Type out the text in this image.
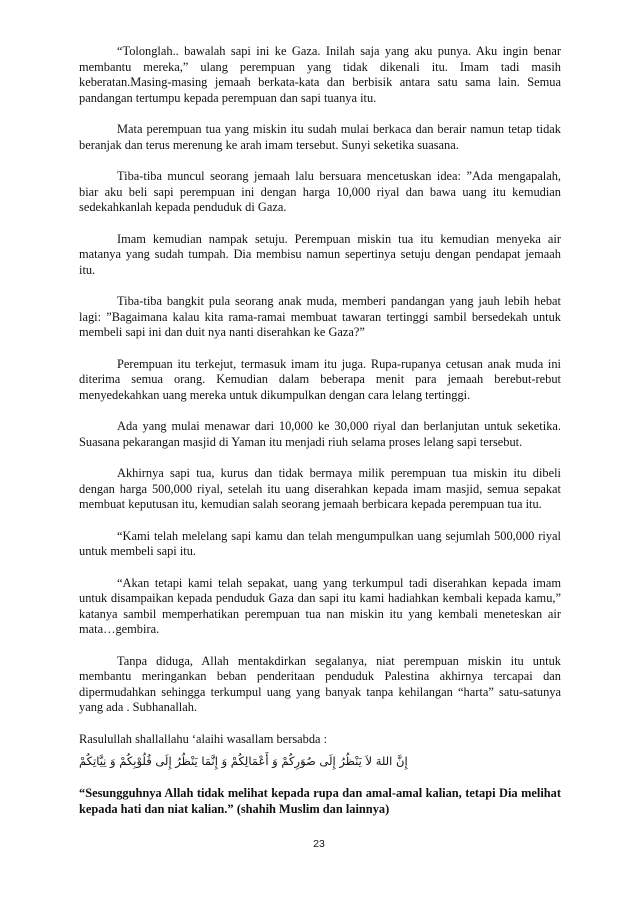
“Tolonglah.. bawalah sapi ini ke Gaza. Inilah saja yang aku punya. Aku ingin benar membantu mereka,” ulang perempuan yang tidak dikenali itu. Imam tadi masih keberatan.Masing-masing jemaah berkata-kata dan berbisik antara satu sama lain. Semua pandangan tertumpu kepada perempuan dan sapi tuanya itu.

Mata perempuan tua yang miskin itu sudah mulai berkaca dan berair namun tetap tidak beranjak dan terus merenung ke arah imam tersebut. Sunyi seketika suasana.

Tiba-tiba muncul seorang jemaah lalu bersuara mencetuskan idea: ”Ada mengapalah, biar aku beli sapi perempuan ini dengan harga 10,000 riyal dan bawa uang itu kemudian sedekahkanlah kepada penduduk di Gaza.

Imam kemudian nampak setuju. Perempuan miskin tua itu kemudian menyeka air matanya yang sudah tumpah. Dia membisu namun sepertinya setuju dengan pendapat jemaah itu.

Tiba-tiba bangkit pula seorang anak muda, memberi pandangan yang jauh lebih hebat lagi: ”Bagaimana kalau kita rama-ramai membuat tawaran tertinggi sambil bersedekah untuk membeli sapi ini dan duit nya nanti diserahkan ke Gaza?”

Perempuan itu terkejut, termasuk imam itu juga. Rupa-rupanya cetusan anak muda ini diterima semua orang. Kemudian dalam beberapa menit para jemaah berebut-rebut menyedekahkan uang mereka untuk dikumpulkan dengan cara lelang tertinggi.

Ada yang mulai menawar dari 10,000 ke 30,000 riyal dan berlanjutan untuk seketika. Suasana pekarangan masjid di Yaman itu menjadi riuh selama proses lelang sapi tersebut.

Akhirnya sapi tua, kurus dan tidak bermaya milik perempuan tua miskin itu dibeli dengan harga 500,000 riyal, setelah itu uang diserahkan kepada imam masjid, semua sepakat membuat keputusan itu, kemudian salah seorang jemaah berbicara kepada perempuan tua itu.

“Kami telah melelang sapi kamu dan telah mengumpulkan uang sejumlah 500,000 riyal untuk membeli sapi itu.

“Akan tetapi kami telah sepakat, uang yang terkumpul tadi diserahkan kepada imam untuk disampaikan kepada penduduk Gaza dan sapi itu kami hadiahkan kembali kepada kamu,” katanya sambil memperhatikan perempuan tua nan miskin itu yang kembali meneteskan air mata…gembira.

Tanpa diduga, Allah mentakdirkan segalanya, niat perempuan miskin itu untuk membantu meringankan beban penderitaan penduduk Palestina akhirnya tercapai dan dipermudahkan sehingga terkumpul uang yang banyak tanpa kehilangan “harta” satu-satunya yang ada . Subhanallah.

Rasulullah shallallahu ‘alaihi wasallam bersabda :

إِنَّ اللهَ لاَ يَنْظُرُ إِلَى صُوَرِكُمْ وَ أَعْمَالِكُمْ وَ إِنَّمَا يَنْظُرُ إِلَى قُلُوْبِكُمْ وَ نِيَّاتِكُمْ

“Sesungguhnya Allah tidak melihat kepada rupa dan amal-amal kalian, tetapi Dia melihat kepada hati dan niat kalian.” (shahih Muslim dan lainnya)

23
